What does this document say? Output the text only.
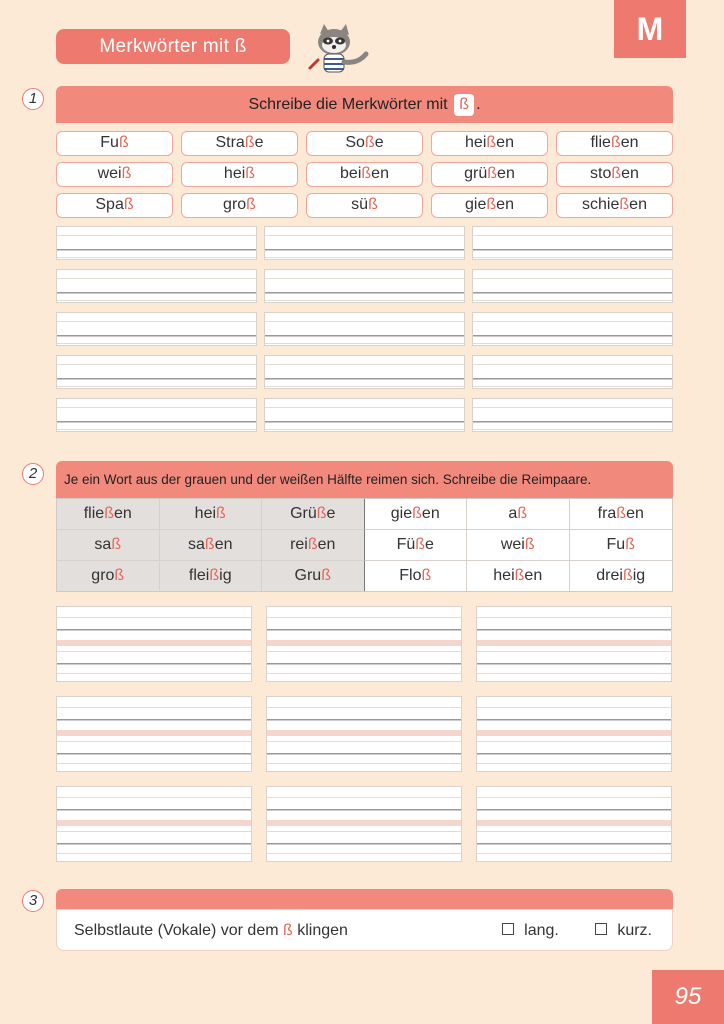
Merkwörter mit ß	M
1	Schreibe die Merkwörter mit ß .
Fuß	Straße	Soße	heißen	fließen
weiß	heiß	beißen	grüßen	stoßen
Spaß	groß	süß	gießen	schießen
2	Je ein Wort aus der grauen und der weißen Hälfte reimen sich. Schreibe die Reimpaare.
fließen	heiß	Grüße	gießen	aß	fraßen
saß	saßen	reißen	Füße	weiß	Fuß
groß	fleißig	Gruß	Floß	heißen	dreißig
3
Selbstlaute (Vokale) vor dem ß klingen	lang.	kurz.
95
